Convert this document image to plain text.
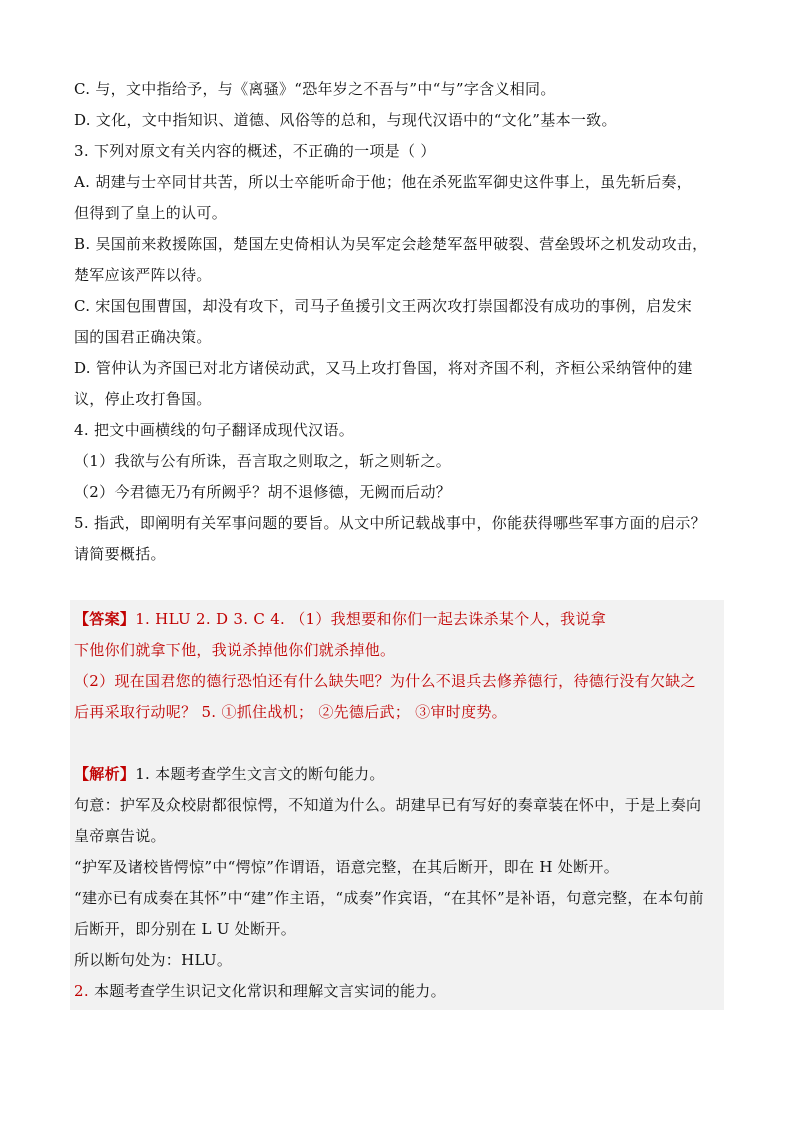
C. 与，文中指给予，与《离骚》“恐年岁之不吾与”中“与”字含义相同。
D. 文化，文中指知识、道德、风俗等的总和，与现代汉语中的“文化”基本一致。
3. 下列对原文有关内容的概述，不正确的一项是（ ）
A. 胡建与士卒同甘共苦，所以士卒能听命于他；他在杀死监军御史这件事上，虽先斩后奏，
但得到了皇上的认可。
B. 吴国前来救援陈国，楚国左史倚相认为吴军定会趁楚军盔甲破裂、营垒毁坏之机发动攻击，
楚军应该严阵以待。
C. 宋国包围曹国，却没有攻下，司马子鱼援引文王两次攻打崇国都没有成功的事例，启发宋
国的国君正确决策。
D. 管仲认为齐国已对北方诸侯动武，又马上攻打鲁国，将对齐国不利，齐桓公采纳管仲的建
议，停止攻打鲁国。
4. 把文中画横线的句子翻译成现代汉语。
（1）我欲与公有所诛，吾言取之则取之，斩之则斩之。
（2）今君德无乃有所阙乎？胡不退修德，无阙而后动？
5. 指武，即阐明有关军事问题的要旨。从文中所记载战事中，你能获得哪些军事方面的启示？
请简要概括。
【答案】1. HLU 2. D 3. C 4. （1）我想要和你们一起去诛杀某个人，我说拿
下他你们就拿下他，我说杀掉他你们就杀掉他。
（2）现在国君您的德行恐怕还有什么缺失吧？为什么不退兵去修养德行，待德行没有欠缺之
后再采取行动呢？ 5. ①抓住战机； ②先德后武； ③审时度势。
【解析】1. 本题考查学生文言文的断句能力。
句意：护军及众校尉都很惊愕，不知道为什么。胡建早已有写好的奏章装在怀中，于是上奏向
皇帝禀告说。
“护军及诸校皆愕惊”中“愕惊”作谓语，语意完整，在其后断开，即在 H 处断开。
“建亦已有成奏在其怀”中“建”作主语，“成奏”作宾语，“在其怀”是补语，句意完整，在本句前
后断开，即分别在 L U 处断开。
所以断句处为：HLU。
2. 本题考查学生识记文化常识和理解文言实词的能力。
